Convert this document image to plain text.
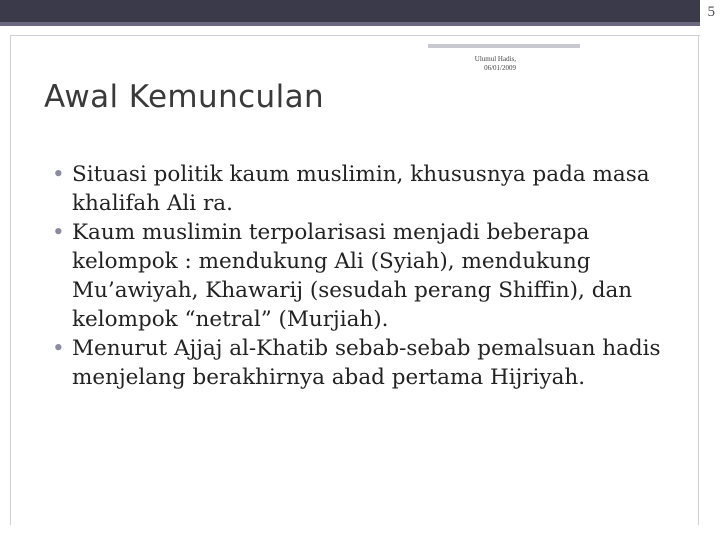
5
Ulumul Hadis,
06/01/2009
Awal Kemunculan
• Situasi politik kaum muslimin, khususnya pada masa khalifah Ali ra.
• Kaum muslimin terpolarisasi menjadi beberapa kelompok : mendukung Ali (Syiah), mendukung Mu’awiyah, Khawarij (sesudah perang Shiffin), dan kelompok “netral” (Murjiah).
• Menurut Ajjaj al-Khatib sebab-sebab pemalsuan hadis menjelang berakhirnya abad pertama Hijriyah.
